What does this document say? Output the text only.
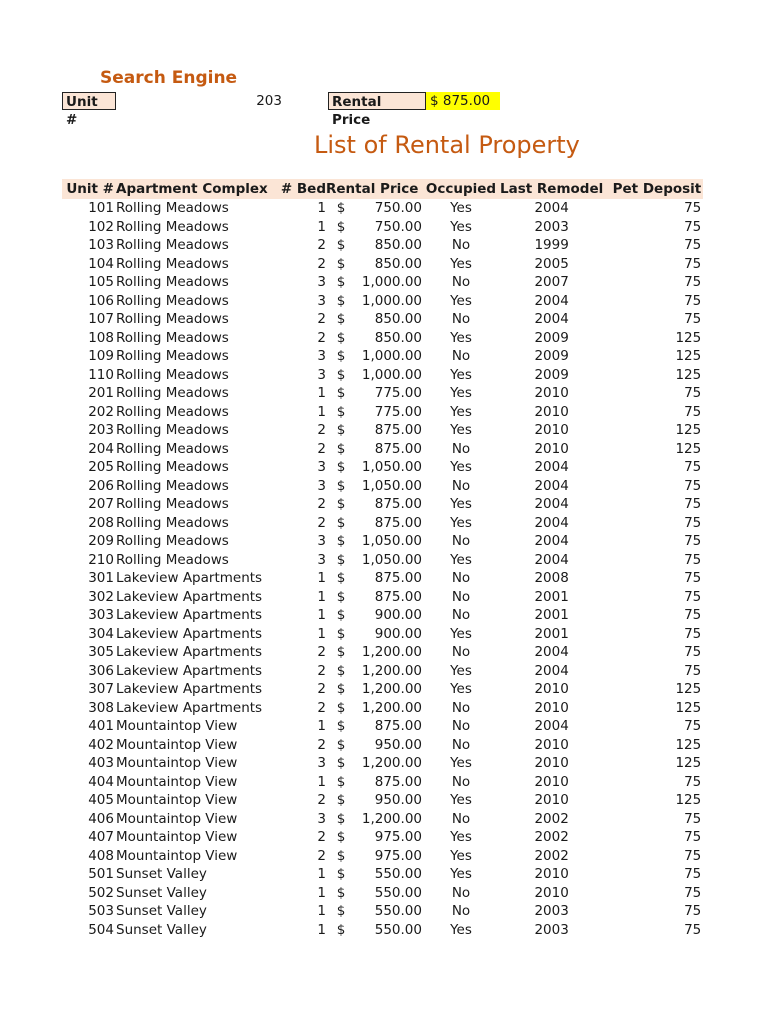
Search Engine
Unit #
203	Rental Price
$ 875.00
List of Rental Property
Unit #	Apartment Complex	# Bed	Rental Price		Occupied	Last Remodel	Pet Deposit
101	Rolling Meadows	1	$	750.00	Yes	2004	75
102	Rolling Meadows	1	$	750.00	Yes	2003	75
103	Rolling Meadows	2	$	850.00	No	1999	75
104	Rolling Meadows	2	$	850.00	Yes	2005	75
105	Rolling Meadows	3	$	1,000.00	No	2007	75
106	Rolling Meadows	3	$	1,000.00	Yes	2004	75
107	Rolling Meadows	2	$	850.00	No	2004	75
108	Rolling Meadows	2	$	850.00	Yes	2009	125
109	Rolling Meadows	3	$	1,000.00	No	2009	125
110	Rolling Meadows	3	$	1,000.00	Yes	2009	125
201	Rolling Meadows	1	$	775.00	Yes	2010	75
202	Rolling Meadows	1	$	775.00	Yes	2010	75
203	Rolling Meadows	2	$	875.00	Yes	2010	125
204	Rolling Meadows	2	$	875.00	No	2010	125
205	Rolling Meadows	3	$	1,050.00	Yes	2004	75
206	Rolling Meadows	3	$	1,050.00	No	2004	75
207	Rolling Meadows	2	$	875.00	Yes	2004	75
208	Rolling Meadows	2	$	875.00	Yes	2004	75
209	Rolling Meadows	3	$	1,050.00	No	2004	75
210	Rolling Meadows	3	$	1,050.00	Yes	2004	75
301	Lakeview Apartments	1	$	875.00	No	2008	75
302	Lakeview Apartments	1	$	875.00	No	2001	75
303	Lakeview Apartments	1	$	900.00	No	2001	75
304	Lakeview Apartments	1	$	900.00	Yes	2001	75
305	Lakeview Apartments	2	$	1,200.00	No	2004	75
306	Lakeview Apartments	2	$	1,200.00	Yes	2004	75
307	Lakeview Apartments	2	$	1,200.00	Yes	2010	125
308	Lakeview Apartments	2	$	1,200.00	No	2010	125
401	Mountaintop View	1	$	875.00	No	2004	75
402	Mountaintop View	2	$	950.00	No	2010	125
403	Mountaintop View	3	$	1,200.00	Yes	2010	125
404	Mountaintop View	1	$	875.00	No	2010	75
405	Mountaintop View	2	$	950.00	Yes	2010	125
406	Mountaintop View	3	$	1,200.00	No	2002	75
407	Mountaintop View	2	$	975.00	Yes	2002	75
408	Mountaintop View	2	$	975.00	Yes	2002	75
501	Sunset Valley	1	$	550.00	Yes	2010	75
502	Sunset Valley	1	$	550.00	No	2010	75
503	Sunset Valley	1	$	550.00	No	2003	75
504	Sunset Valley	1	$	550.00	Yes	2003	75
